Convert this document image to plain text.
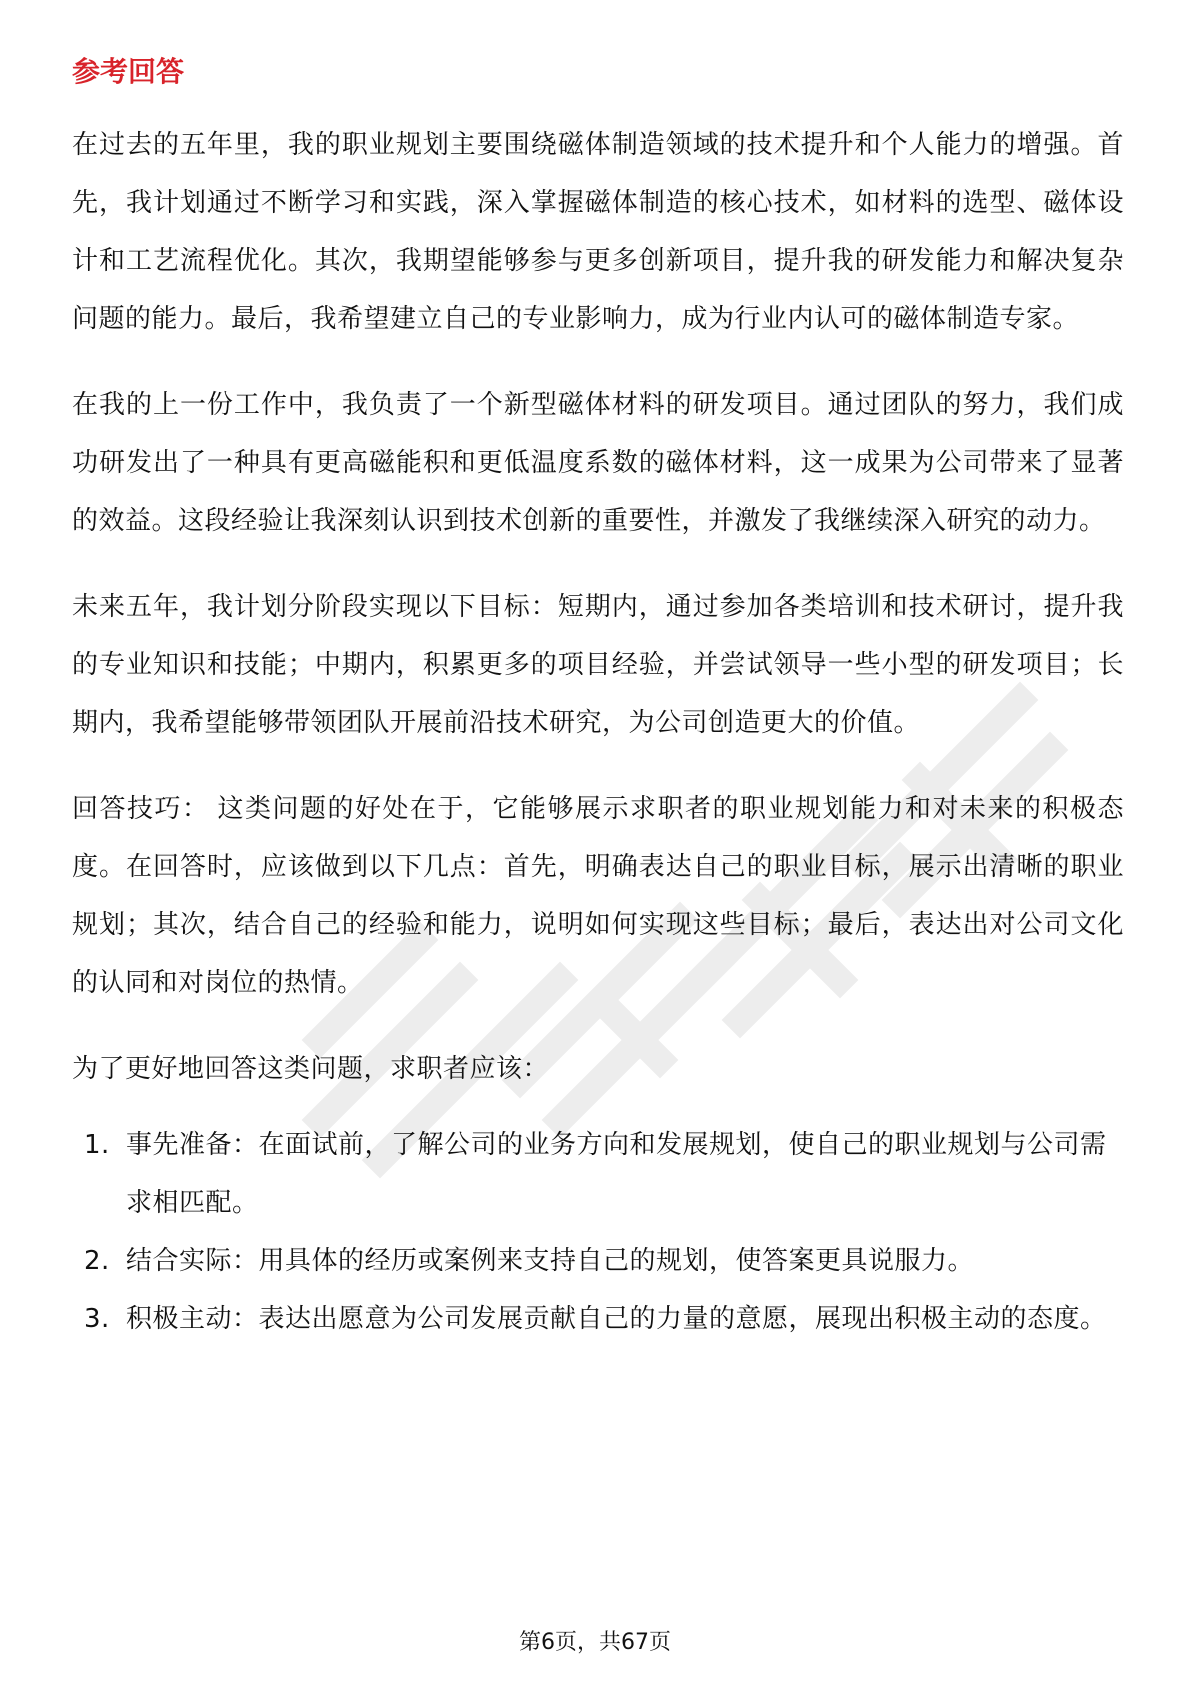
参考回答

在过去的五年里，我的职业规划主要围绕磁体制造领域的技术提升和个人能力的增强。首先，我计划通过不断学习和实践，深入掌握磁体制造的核心技术，如材料的选型、磁体设计和工艺流程优化。其次，我期望能够参与更多创新项目，提升我的研发能力和解决复杂问题的能力。最后，我希望建立自己的专业影响力，成为行业内认可的磁体制造专家。

在我的上一份工作中，我负责了一个新型磁体材料的研发项目。通过团队的努力，我们成功研发出了一种具有更高磁能积和更低温度系数的磁体材料，这一成果为公司带来了显著的效益。这段经验让我深刻认识到技术创新的重要性，并激发了我继续深入研究的动力。

未来五年，我计划分阶段实现以下目标：短期内，通过参加各类培训和技术研讨，提升我的专业知识和技能；中期内，积累更多的项目经验，并尝试领导一些小型的研发项目；长期内，我希望能够带领团队开展前沿技术研究，为公司创造更大的价值。

回答技巧： 这类问题的好处在于，它能够展示求职者的职业规划能力和对未来的积极态度。在回答时，应该做到以下几点：首先，明确表达自己的职业目标，展示出清晰的职业规划；其次，结合自己的经验和能力，说明如何实现这些目标；最后，表达出对公司文化的认同和对岗位的热情。

为了更好地回答这类问题，求职者应该：

1. 事先准备：在面试前，了解公司的业务方向和发展规划，使自己的职业规划与公司需求相匹配。
2. 结合实际：用具体的经历或案例来支持自己的规划，使答案更具说服力。
3. 积极主动：表达出愿意为公司发展贡献自己的力量的意愿，展现出积极主动的态度。
第6页，共67页
